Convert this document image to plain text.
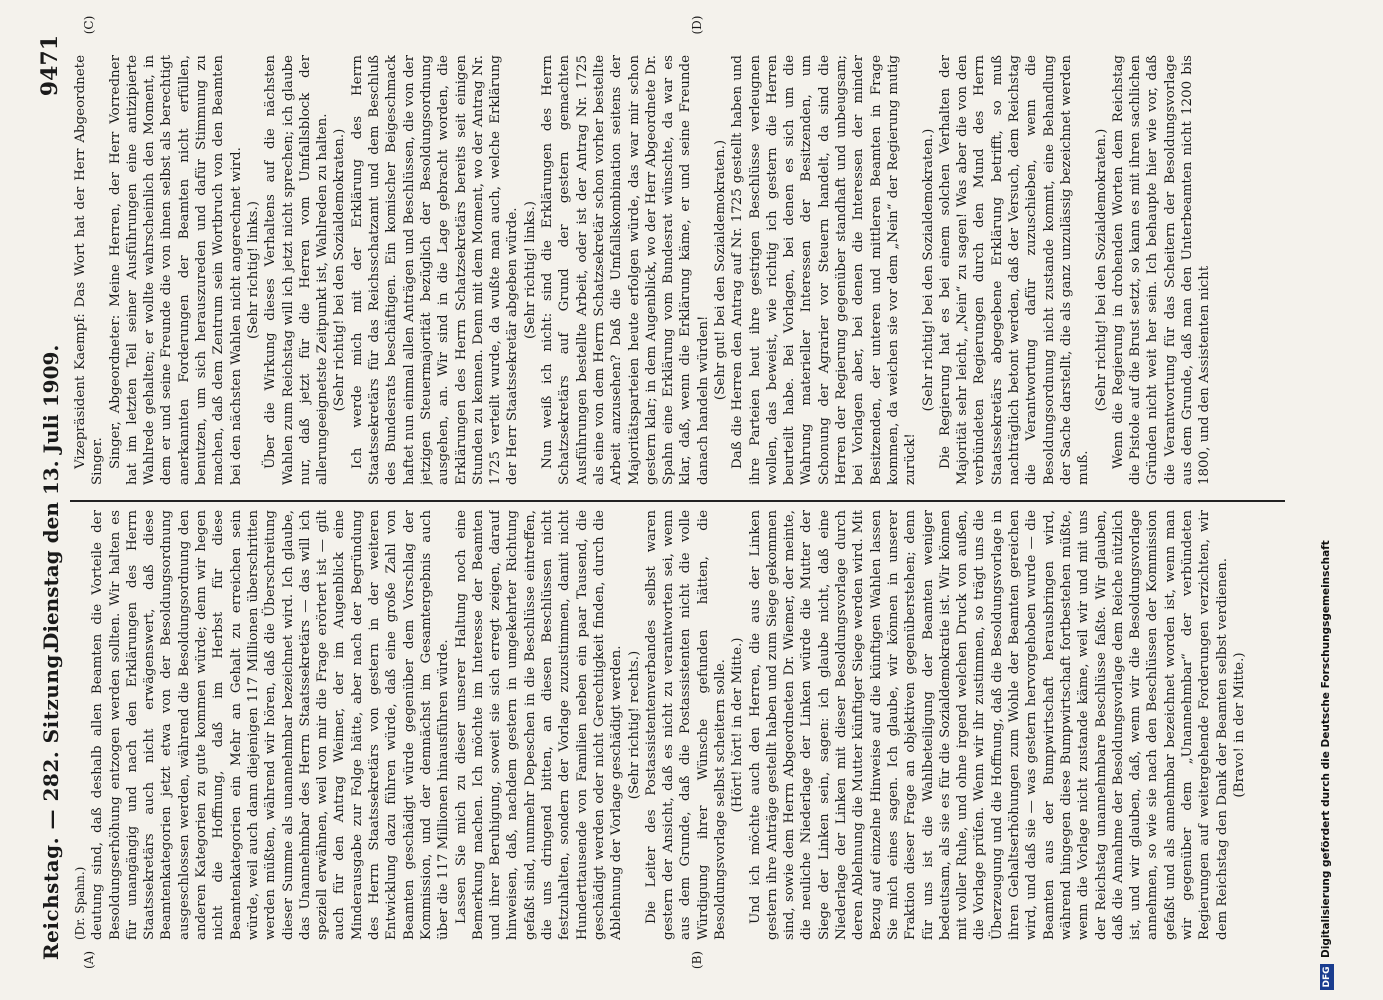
Reichstag. — 282. Sitzung.
Dienstag den 13. Juli 1909.
9471
(A)	(B)
(C)	(D)

(Dr. Spahn.) deutung sind, daß deshalb allen Beamten die Vorteile der Besoldungserhöhung entzogen werden sollten. Wir halten es für unangängig und nach den Erklärungen des Herrn Staatssekretärs auch nicht erwägenswert, daß diese Beamtenkategorien jetzt etwa von der Besoldungsordnung ausgeschlossen werden, während die Besoldungsordnung den anderen Kategorien zu gute kommen würde; denn wir hegen nicht die Hoffnung, daß im Herbst für diese Beamtenkategorien ein Mehr an Gehalt zu erreichen sein würde, weil auch dann diejenigen 117 Millionen überschritten werden müßten, während wir hören, daß die Überschreitung dieser Summe als unannehmbar bezeichnet wird. Ich glaube, das Unannehmbar des Herrn Staatssekretärs — das will ich speziell erwähnen, weil von mir die Frage erörtert ist — gilt auch für den Antrag Weimer, der im Augenblick eine Minderausgabe zur Folge hätte, aber nach der Begründung des Herrn Staatssekretärs von gestern in der weiteren Entwicklung dazu führen würde, daß eine große Zahl von Beamten geschädigt würde gegenüber dem Vorschlag der Kommission, und der demnächst im Gesamtergebnis auch über die 117 Millionen hinausführen würde. Lassen Sie mich zu dieser unserer Haltung noch eine Bemerkung machen. Ich möchte im Interesse der Beamten und ihrer Beruhigung, soweit sie sich erregt zeigen, darauf hinweisen, daß, nachdem gestern in umgekehrter Richtung gefaßt sind, nunmehr Depeschen in die Beschlüsse eintreffen, die uns dringend bitten, an diesen Beschlüssen nicht festzuhalten, sondern der Vorlage zuzustimmen, damit nicht Hunderttausende von Familien neben ein paar Tausend, die geschädigt werden oder nicht Gerechtigkeit finden, durch die Ablehnung der Vorlage geschädigt werden. (Sehr richtig! rechts.) Die Leiter des Postassistentenverbandes selbst waren gestern der Ansicht, daß es nicht zu verantworten sei, wenn aus dem Grunde, daß die Postassistenten nicht die volle Würdigung ihrer Wünsche gefunden hätten, die Besoldungsvorlage selbst scheitern solle. (Hört! hört! in der Mitte.) Und ich möchte auch den Herren, die aus der Linken gestern ihre Anträge gestellt haben und zum Siege gekommen sind, sowie dem Herrn Abgeordneten Dr. Wiemer, der meinte, die neuliche Niederlage der Linken würde die Mutter der Siege der Linken sein, sagen: ich glaube nicht, daß eine Niederlage der Linken mit dieser Besoldungsvorlage durch deren Ablehnung die Mutter künftiger Siege werden wird. Mit Bezug auf einzelne Hinweise auf die künftigen Wahlen lassen Sie mich eines sagen. Ich glaube, wir können in unserer Fraktion dieser Frage an objektiven gegenüberstehen; denn für uns ist die Wahlbeteiligung der Beamten weniger bedeutsam, als sie es für die Sozialdemokratie ist. Wir können mit voller Ruhe, und ohne irgend welchen Druck von außen, die Vorlage prüfen. Wenn wir ihr zustimmen, so trägt uns die Überzeugung und die Hoffnung, daß die Besoldungsvorlage in ihren Gehaltserhöhungen zum Wohle der Beamten gereichen wird, und daß sie — was gestern hervorgehoben wurde — die Beamten aus der Bumpwirtschaft herausbringen wird, während hingegen diese Bumpwirtschaft fortbestehen müßte, wenn die Vorlage nicht zustande käme, weil wir und mit uns der Reichstag unannehmbare Beschlüsse faßte. Wir glauben, daß die Annahme der Besoldungsvorlage dem Reiche nützlich ist, und wir glauben, daß, wenn wir die Besoldungsvorlage annehmen, so wie sie nach den Beschlüssen der Kommission gefaßt und als annehmbar bezeichnet worden ist, wenn man wir gegenüber dem „Unannehmbar“ der verbündeten Regierungen auf weitergehende Forderungen verzichten, wir dem Reichstag den Dank der Beamten selbst verdienen. (Bravo! in der Mitte.)

Vizepräsident Kaempf: Das Wort hat der Herr Abgeordnete Singer. Singer, Abgeordneter: Meine Herren, der Herr Vorredner hat im letzten Teil seiner Ausführungen eine antizipierte Wahlrede gehalten; er wollte wahrscheinlich den Moment, in dem er und seine Freunde die von ihnen selbst als berechtigt anerkannten Forderungen der Beamten nicht erfüllen, benutzen, um sich herauszureden und dafür Stimmung zu machen, daß dem Zentrum sein Wortbruch von den Beamten bei den nächsten Wahlen nicht angerechnet wird. (Sehr richtig! links.) Über die Wirkung dieses Verhaltens auf die nächsten Wahlen zum Reichstag will ich jetzt nicht sprechen; ich glaube nur, daß jetzt für die Herren vom Umfallsblock der allerungeeignetste Zeitpunkt ist, Wahlreden zu halten. (Sehr richtig! bei den Sozialdemokraten.) Ich werde mich mit der Erklärung des Herrn Staatssekretärs für das Reichsschatzamt und dem Beschluß des Bundesrats beschäftigen. Ein komischer Beigeschmack haftet nun einmal allen Anträgen und Beschlüssen, die von der jetzigen Steuermajorität bezüglich der Besoldungsordnung ausgehen, an. Wir sind in die Lage gebracht worden, die Erklärungen des Herrn Schatzsekretärs bereits seit einigen Stunden zu kennen. Denn mit dem Moment, wo der Antrag Nr. 1725 verteilt wurde, da wußte man auch, welche Erklärung der Herr Staatssekretär abgeben würde. (Sehr richtig! links.) Nun weiß ich nicht: sind die Erklärungen des Herrn Schatzsekretärs auf Grund der gestern gemachten Ausführungen bestellte Arbeit, oder ist der Antrag Nr. 1725 als eine von dem Herrn Schatzsekretär schon vorher bestellte Arbeit anzusehen? Daß die Umfallskombination seitens der Majoritätsparteien heute erfolgen würde, das war mir schon gestern klar; in dem Augenblick, wo der Herr Abgeordnete Dr. Spahn eine Erklärung vom Bundesrat wünschte, da war es klar, daß, wenn die Erklärung käme, er und seine Freunde danach handeln würden!

(Sehr gut! bei den Sozialdemokraten.) Daß die Herren den Antrag auf Nr. 1725 gestellt haben und ihre Parteien heut ihre gestrigen Beschlüsse verleugnen wollen, das beweist, wie richtig ich gestern die Herren beurteilt habe. Bei Vorlagen, bei denen es sich um die Wahrung materieller Interessen der Besitzenden, um Schonung der Agrarier vor Steuern handelt, da sind die Herren der Regierung gegenüber standhaft und unbeugsam; bei Vorlagen aber, bei denen die Interessen der minder Besitzenden, der unteren und mittleren Beamten in Frage kommen, da weichen sie vor dem „Nein“ der Regierung mutig zurück!

(Sehr richtig! bei den Sozialdemokraten.) Die Regierung hat es bei einem solchen Verhalten der Majorität sehr leicht, „Nein“ zu sagen! Was aber die von den verbündeten Regierungen durch den Mund des Herrn Staatssekretärs abgegebene Erklärung betrifft, so muß nachträglich betont werden, daß der Versuch, dem Reichstag die Verantwortung dafür zuzuschieben, wenn die Besoldungsordnung nicht zustande kommt, eine Behandlung der Sache darstellt, die als ganz unzulässig bezeichnet werden muß.

(Sehr richtig! bei den Sozialdemokraten.) Wenn die Regierung in drohenden Worten dem Reichstag die Pistole auf die Brust setzt, so kann es mit ihren sachlichen Gründen nicht weit her sein. Ich behaupte hier wie vor, daß die Verantwortung für das Scheitern der Besoldungsvorlage aus dem Grunde, daß man den Unterbeamten nicht 1200 bis 1800, und den Assistenten nicht

DFG
Digitalisierung gefördert durch die Deutsche Forschungsgemeinschaft
